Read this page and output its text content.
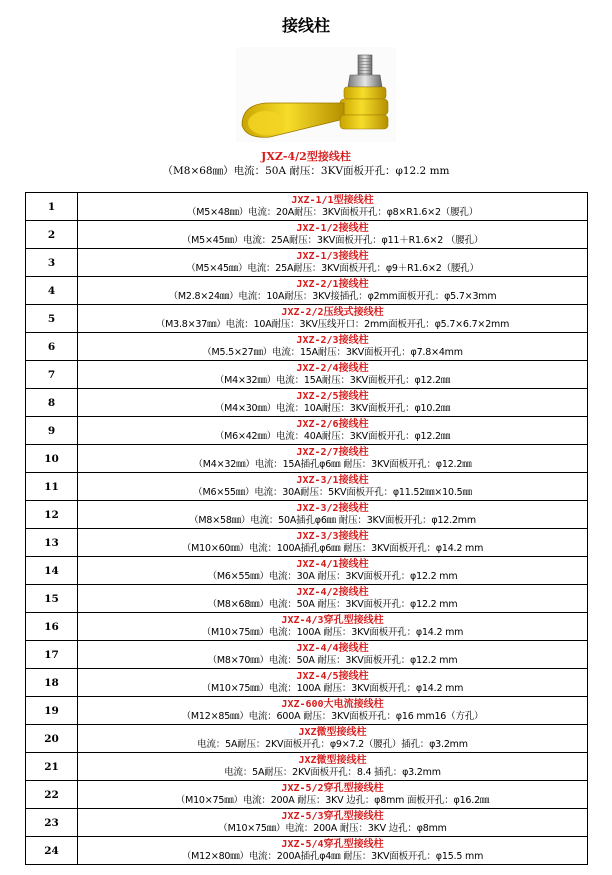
接线柱
JXZ-4/2型接线柱
（M8×68㎜）电流：50A 耐压：3KV面板开孔：φ12.2 mm
1	JXZ-1/1型接线柱
（M5×48㎜）电流：20A耐压：3KV面板开孔：φ8×R1.6×2（腰孔）

2	JXZ-1/2接线柱
（M5×45㎜）电流：25A耐压：3KV面板开孔：φ11＋R1.6×2 （腰孔）

3	JXZ-1/3接线柱
（M5×45㎜）电流：25A耐压：3KV面板开孔：φ9＋R1.6×2（腰孔）

4	JXZ-2/1接线柱
（M2.8×24㎜）电流：10A耐压：3KV接插孔：φ2mm面板开孔：φ5.7×3mm

5	JXZ-2/2压线式接线柱
（M3.8×37㎜）电流：10A耐压：3KV压线开口：2mm面板开孔：φ5.7×6.7×2mm

6	JXZ-2/3接线柱
（M5.5×27㎜）电流：15A耐压：3KV面板开孔：φ7.8×4mm

7	JXZ-2/4接线柱
（M4×32㎜）电流：15A耐压：3KV面板开孔：φ12.2㎜

8	JXZ-2/5接线柱
（M4×30㎜）电流：10A耐压：3KV面板开孔：φ10.2㎜

9	JXZ-2/6接线柱
（M6×42㎜）电流：40A耐压：3KV面板开孔：φ12.2㎜

10	JXZ-2/7接线柱
（M4×32㎜）电流：15A插孔φ6㎜ 耐压：3KV面板开孔：φ12.2㎜

11	JXZ-3/1接线柱
（M6×55㎜）电流：30A耐压：5KV面板开孔：φ11.52㎜×10.5㎜

12	JXZ-3/2接线柱
（M8×58㎜）电流：50A插孔φ6㎜ 耐压：3KV面板开孔：φ12.2mm

13	JXZ-3/3接线柱
（M10×60㎜）电流：100A插孔φ6㎜ 耐压：3KV面板开孔：φ14.2 mm

14	JXZ-4/1接线柱
（M6×55㎜）电流：30A 耐压：3KV面板开孔：φ12.2 mm

15	JXZ-4/2接线柱
（M8×68㎜）电流：50A 耐压：3KV面板开孔：φ12.2 mm

16	JXZ-4/3穿孔型接线柱
（M10×75㎜）电流：100A 耐压：3KV面板开孔：φ14.2 mm

17	JXZ-4/4接线柱
（M8×70㎜）电流：50A 耐压：3KV面板开孔：φ12.2 mm

18	JXZ-4/5接线柱
（M10×75㎜）电流：100A 耐压：3KV面板开孔：φ14.2 mm

19	JXZ-600大电流接线柱
（M12×85㎜）电流：600A 耐压：3KV面板开孔：φ16 mm16（方孔）

20	JXZ微型接线柱
电流：5A耐压：2KV面板开孔：φ9×7.2（腰孔）插孔：φ3.2mm

21	JXZ微型接线柱
电流：5A耐压：2KV面板开孔：8.4 插孔：φ3.2mm

22	JXZ-5/2穿孔型接线柱
（M10×75㎜）电流：200A 耐压：3KV 边孔：φ8mm 面板开孔：φ16.2㎜

23	JXZ-5/3穿孔型接线柱
（M10×75㎜）电流：200A 耐压：3KV 边孔：φ8mm

24	JXZ-5/4穿孔型接线柱
（M12×80㎜）电流：200A插孔φ4㎜ 耐压：3KV面板开孔：φ15.5 mm
